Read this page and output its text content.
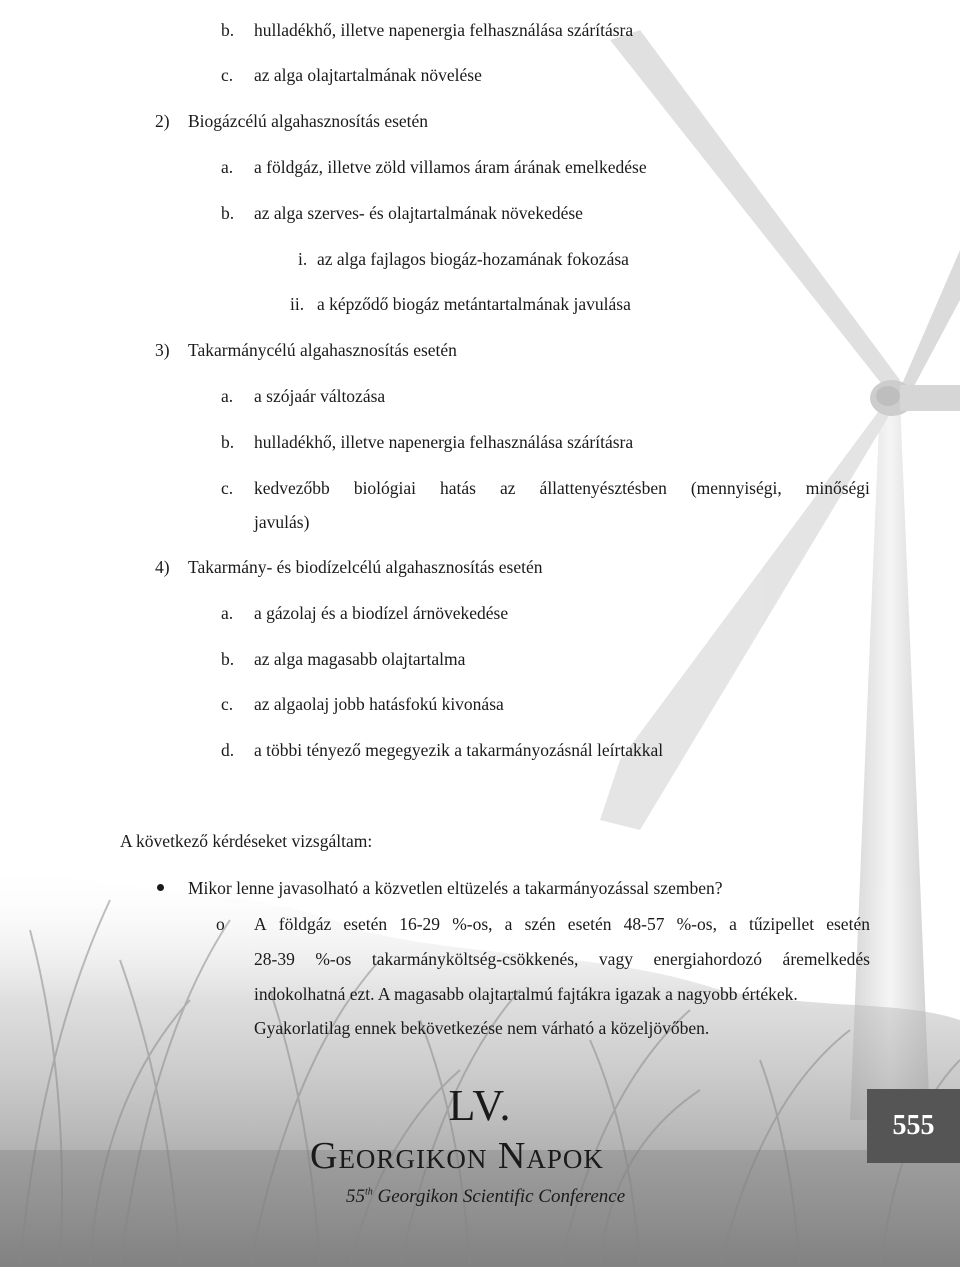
b. hulladékhő, illetve napenergia felhasználása szárításra
c. az alga olajtartalmának növelése
2) Biogázcélú algahasznosítás esetén
a. a földgáz, illetve zöld villamos áram árának emelkedése
b. az alga szerves- és olajtartalmának növekedése
i. az alga fajlagos biogáz-hozamának fokozása
ii. a képződő biogáz metántartalmának javulása
3) Takarmánycélú algahasznosítás esetén
a. a szójaár változása
b. hulladékhő, illetve napenergia felhasználása szárításra
c.	kedvezőbb biológiai hatás az állattenyésztésben (mennyiségi, minőségi
javulás)
4) Takarmány- és biodízelcélú algahasznosítás esetén
a. a gázolaj és a biodízel árnövekedése
b. az alga magasabb olajtartalma
c. az algaolaj jobb hatásfokú kivonása
d. a többi tényező megegyezik a takarmányozásnál leírtakkal
A következő kérdéseket vizsgáltam:
Mikor lenne javasolható a közvetlen eltüzelés a takarmányozással szemben?
o A földgáz esetén 16-29 %-os, a szén esetén 48-57 %-os, a tűzipellet esetén
28-39 %-os takarmányköltség-csökkenés, vagy energiahordozó áremelkedés
indokolhatná ezt. A magasabb olajtartalmú fajtákra igazak a nagyobb értékek.
Gyakorlatilag ennek bekövetkezése nem várható a közeljövőben.
LV.
Georgikon Napok
55th Georgikon Scientific Conference
555
